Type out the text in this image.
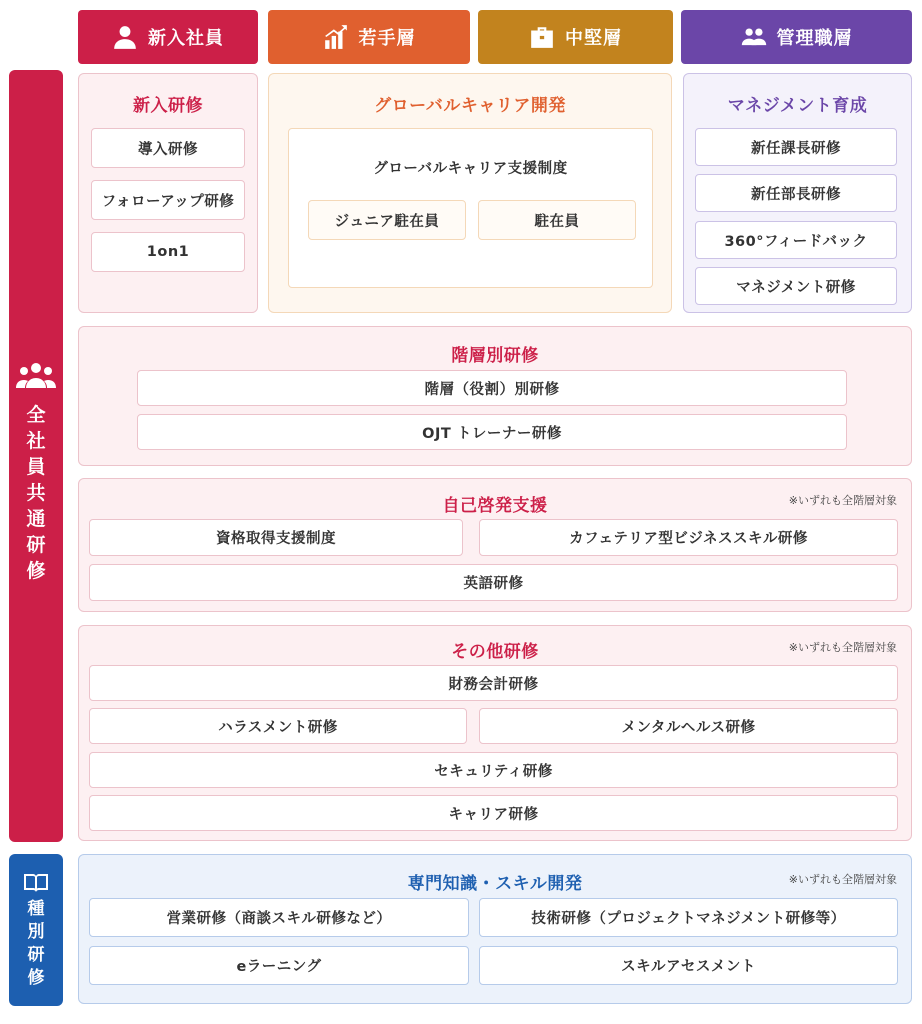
新入社員	若手層	中堅層	管理職層
全
社
員
共
通
研
修
種
別
研
修
新入研修
導入研修
フォローアップ研修
1on1
グローバルキャリア開発
グローバルキャリア支援制度
ジュニア駐在員	駐在員
マネジメント育成
新任課長研修
新任部長研修
360°フィードバック
マネジメント研修
階層別研修
階層（役割）別研修
OJT トレーナー研修
自己啓発支援	※いずれも全階層対象
資格取得支援制度	カフェテリア型ビジネススキル研修
英語研修
その他研修	※いずれも全階層対象
財務会計研修
ハラスメント研修	メンタルヘルス研修
セキュリティ研修
キャリア研修
専門知識・スキル開発	※いずれも全階層対象
営業研修（商談スキル研修など）	技術研修（プロジェクトマネジメント研修等）
eラーニング	スキルアセスメント
